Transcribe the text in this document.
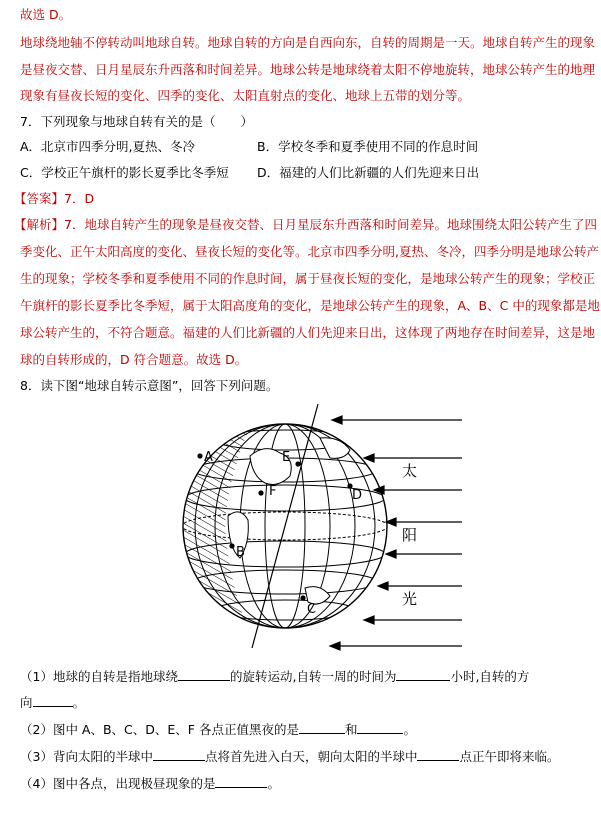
故选 D。
地球绕地轴不停转动叫地球自转。地球自转的方向是自西向东，自转的周期是一天。地球自转产生的现象
是昼夜交替、日月星辰东升西落和时间差异。地球公转是地球绕着太阳不停地旋转，地球公转产生的地理
现象有昼夜长短的变化、四季的变化、太阳直射点的变化、地球上五带的划分等。
7．下列现象与地球自转有关的是（　　）
A．北京市四季分明,夏热、冬冷	B．学校冬季和夏季使用不同的作息时间
C．学校正午旗杆的影长夏季比冬季短 D．福建的人们比新疆的人们先迎来日出
【答案】7．D
【解析】7．地球自转产生的现象是昼夜交替、日月星辰东升西落和时间差异。地球围绕太阳公转产生了四
季变化、正午太阳高度的变化、昼夜长短的变化等。北京市四季分明,夏热、冬冷，四季分明是地球公转产
生的现象；学校冬季和夏季使用不同的作息时间，属于昼夜长短的变化，是地球公转产生的现象；学校正
午旗杆的影长夏季比冬季短，属于太阳高度角的变化，是地球公转产生的现象，A、B、C 中的现象都是地
球公转产生的，不符合题意。福建的人们比新疆的人们先迎来日出，这体现了两地存在时间差异，这是地
球的自转形成的，D 符合题意。故选 D。
8．读下图“地球自转示意图”，回答下列问题。
A
B
C
D
E
F
太
阳
光
（1）地球的自转是指地球绕	的旋转运动,自转一周的时间为	小时,自转的方
向	。
（2）图中 A、B、C、D、E、F 各点正值黑夜的是	和	。
（3）背向太阳的半球中	点将首先进入白天，朝向太阳的半球中	点正午即将来临。
（4）图中各点，出现极昼现象的是	。
